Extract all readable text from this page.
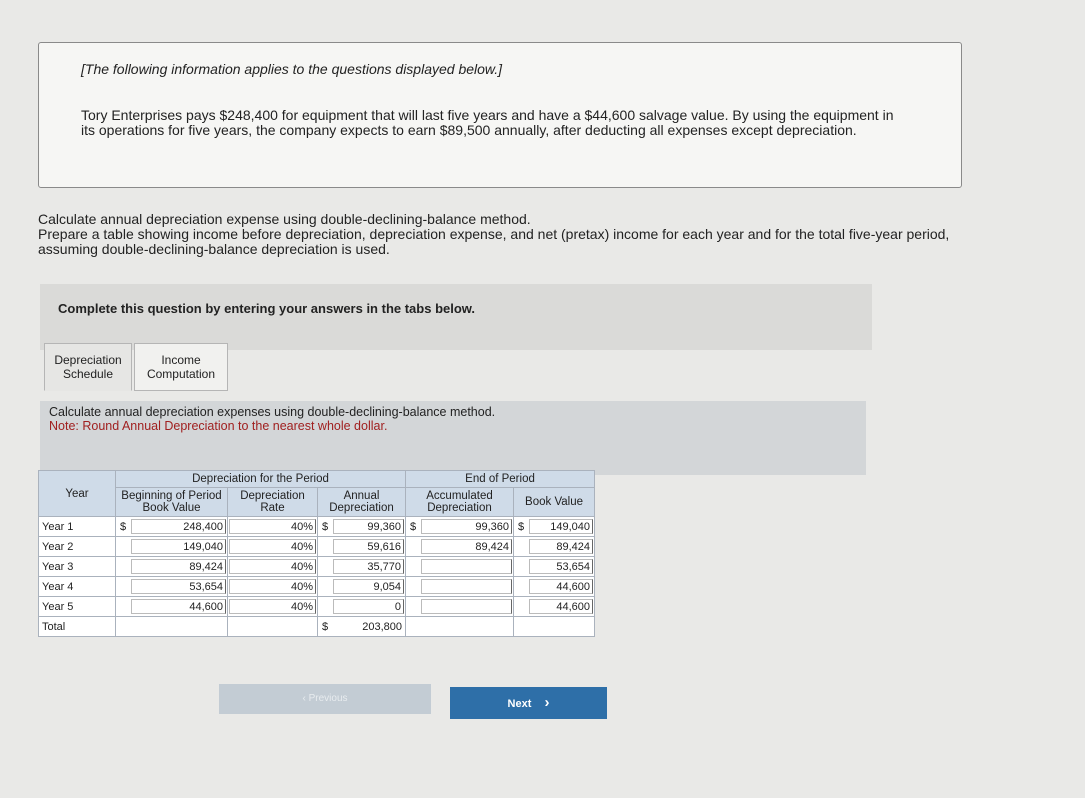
[The following information applies to the questions displayed below.]
Tory Enterprises pays $248,400 for equipment that will last five years and have a $44,600 salvage value. By using the equipment in its operations for five years, the company expects to earn $89,500 annually, after deducting all expenses except depreciation.
Calculate annual depreciation expense using double-declining-balance method.
Prepare a table showing income before depreciation, depreciation expense, and net (pretax) income for each year and for the total five-year period, assuming double-declining-balance depreciation is used.
Complete this question by entering your answers in the tabs below.
Depreciation
Schedule
Income
Computation
Calculate annual depreciation expenses using double-declining-balance method.
Note: Round Annual Depreciation to the nearest whole dollar.
Year	Depreciation for the Period			End of Period	
	Beginning of Period Book Value	Depreciation Rate	Annual Depreciation	Accumulated Depreciation	Book Value
Year 1	$ 248,400	40%	$ 99,360	$ 99,360	$ 149,040

Year 2	149,040	40%	59,616	89,424	89,424

Year 3	89,424	40%	35,770		53,654

Year 4	53,654	40%	9,054		44,600

Year 5	44,600	40%	0		44,600

Total			$ 203,800		

‹ Previous	Next ›
